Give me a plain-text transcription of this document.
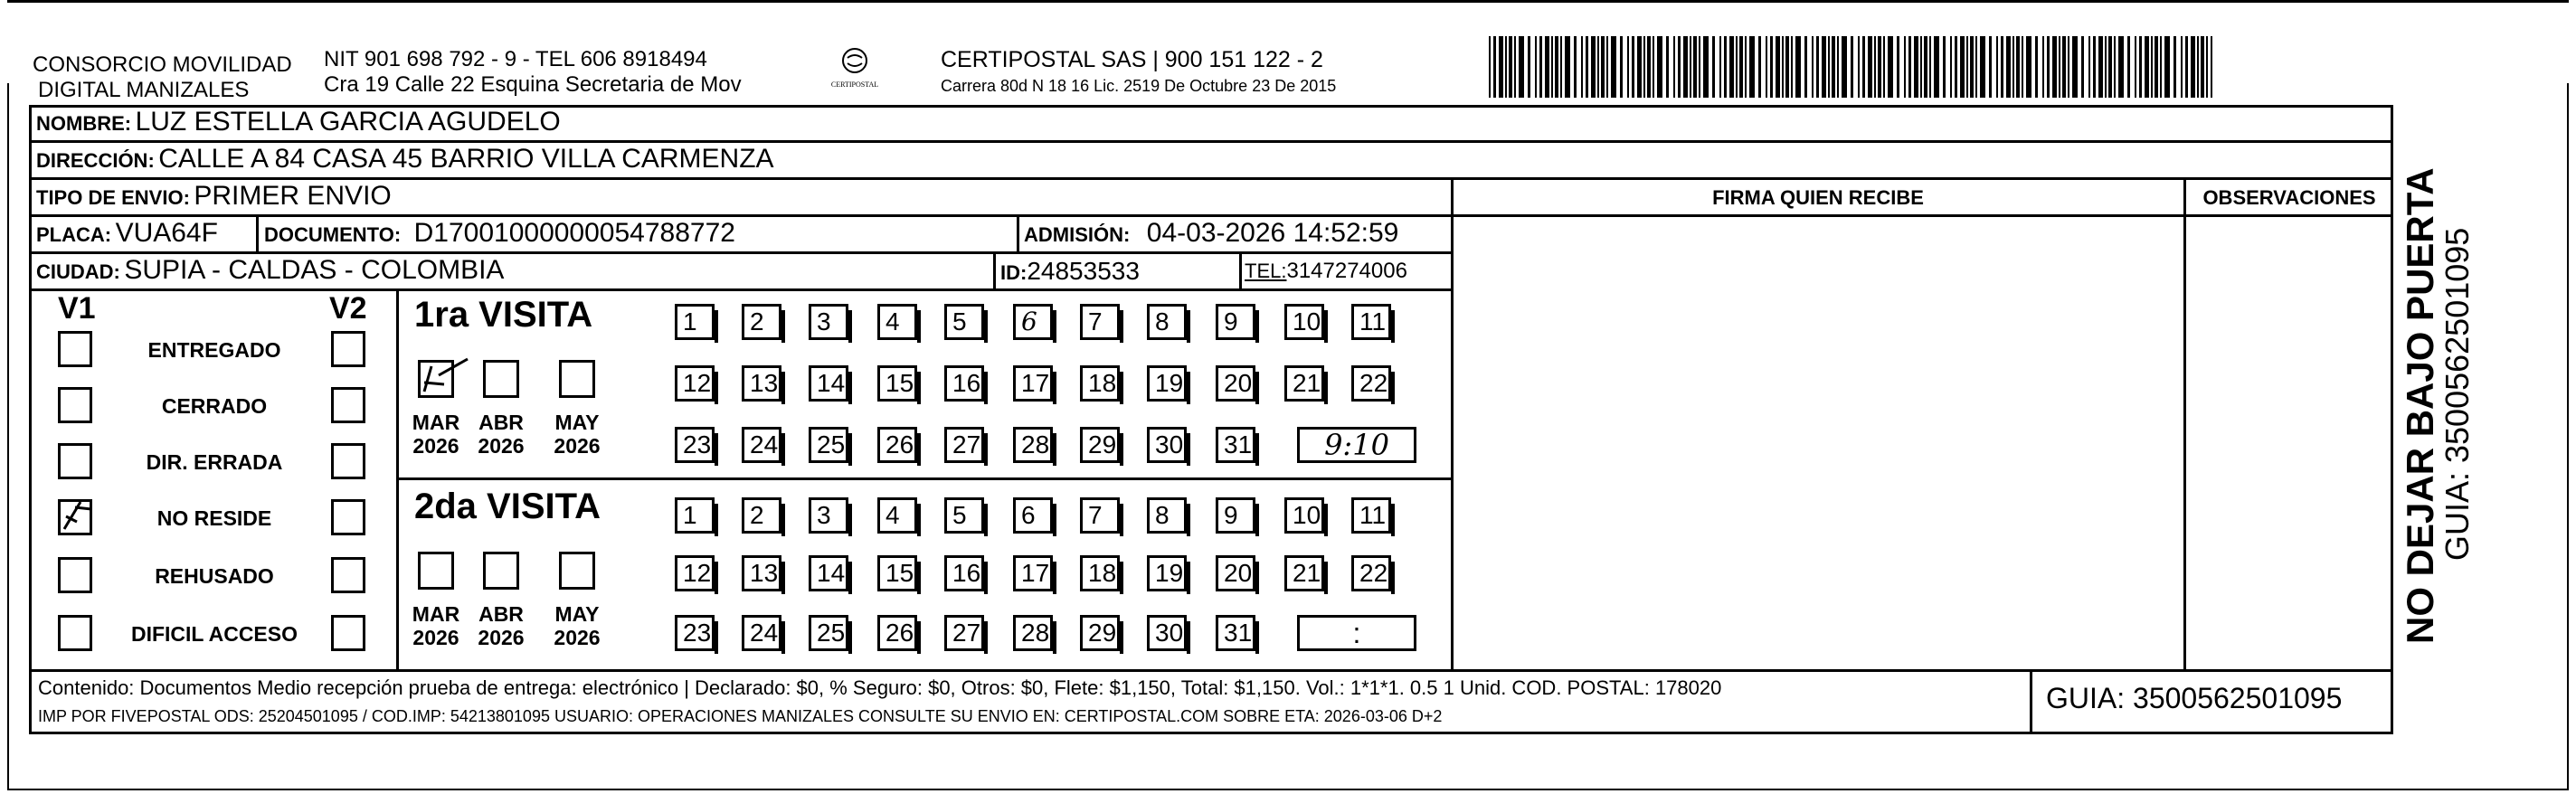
CONSORCIO MOVILIDAD
DIGITAL MANIZALES
NIT 901 698 792 - 9 - TEL 606 8918494
Cra 19 Calle 22 Esquina Secretaria de Mov	CERTIPOSTAL
CERTIPOSTAL SAS | 900 151 122 - 2
Carrera 80d N 18 16 Lic. 2519 De Octubre 23 De 2015
NOMBRE: LUZ ESTELLA GARCIA AGUDELO
DIRECCIÓN: CALLE A 84 CASA 45 BARRIO VILLA CARMENZA
TIPO DE ENVIO: PRIMER ENVIO	FIRMA QUIEN RECIBE	OBSERVACIONES
PLACA: VUA64F DOCUMENTO: D17001000000054788772	ADMISIÓN: 04-03-2026 14:52:59
CIUDAD: SUPIA - CALDAS - COLOMBIA	ID:24853533	TEL:3147274006
V1	V2
ENTREGADO
CERRADO
DIR. ERRADA
NO RESIDE
REHUSADO
DIFICIL ACCESO
1ra VISITA
MAR
2026
ABR
2026
MAY
2026
1	2	3	4	5	6	7	8	9	10	11
12	13	14	15	16	17	18	19	20	21	22
23	24	25	26	27	28	29	30	31	9:10
2da VISITA
MAR
2026
ABR
2026
MAY
2026
1	2	3	4	5	6	7	8	9	10	11
12	13	14	15	16	17	18	19	20	21	22
23	24	25	26	27	28	29	30	31	:
Contenido: Documentos Medio recepción prueba de entrega: electrónico | Declarado: $0, % Seguro: $0, Otros: $0, Flete: $1,150, Total: $1,150. Vol.: 1*1*1. 0.5 1 Unid. COD. POSTAL: 178020
IMP POR FIVEPOSTAL ODS: 25204501095 / COD.IMP: 54213801095 USUARIO: OPERACIONES MANIZALES CONSULTE SU ENVIO EN: CERTIPOSTAL.COM SOBRE ETA: 2026-03-06 D+2
GUIA: 3500562501095
NO DEJAR BAJO PUERTA
GUIA: 3500562501095
